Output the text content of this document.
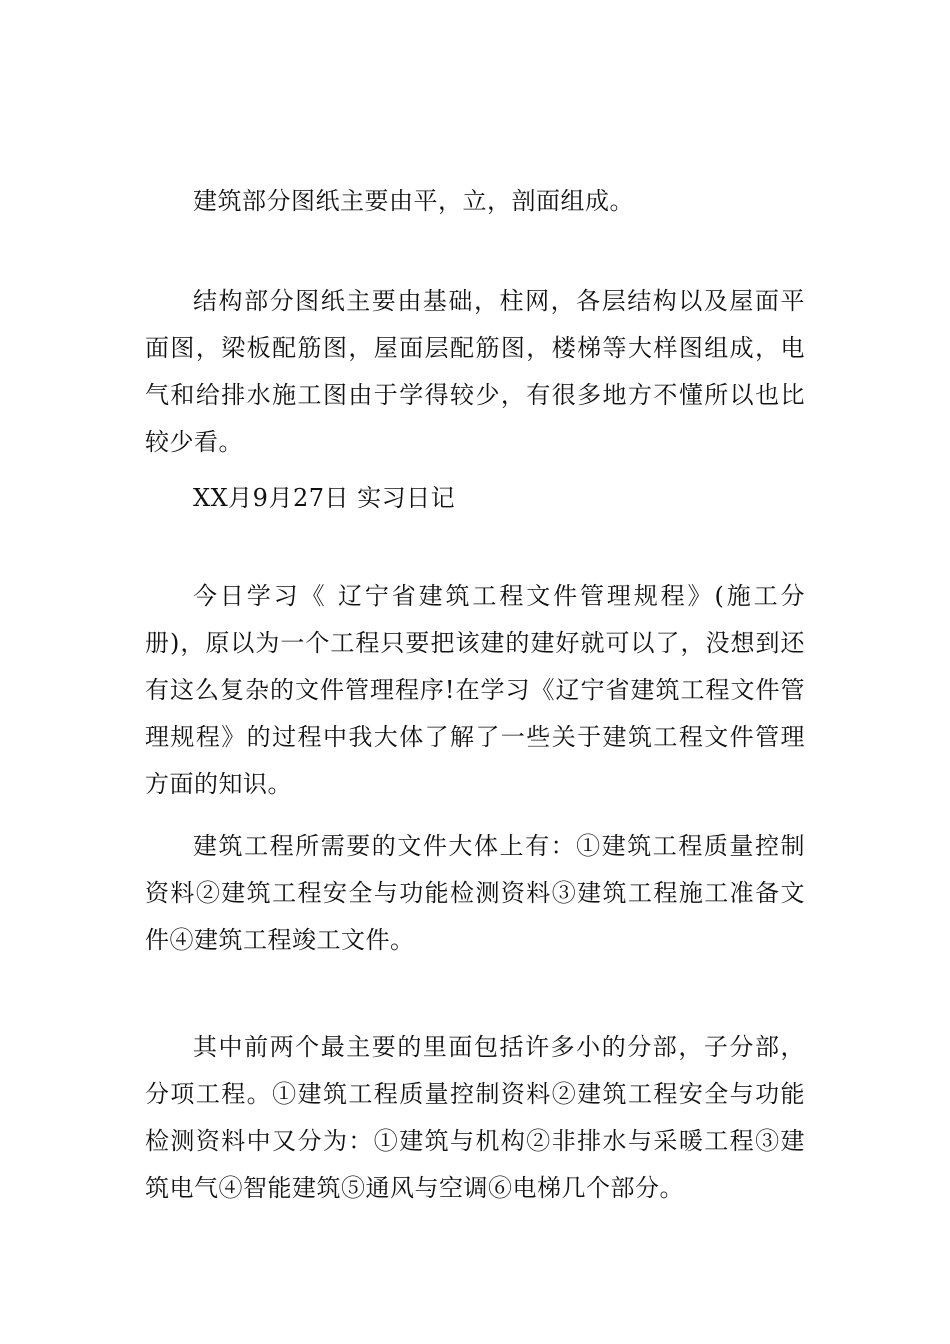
建筑部分图纸主要由平，立，剖面组成。

结构部分图纸主要由基础，柱网，各层结构以及屋面平面图，梁板配筋图，屋面层配筋图，楼梯等大样图组成，电气和给排水施工图由于学得较少，有很多地方不懂所以也比较少看。

XX月9月27日 实习日记

今日学习《 辽宁省建筑工程文件管理规程》(施工分册)，原以为一个工程只要把该建的建好就可以了，没想到还有这么复杂的文件管理程序!在学习《辽宁省建筑工程文件管理规程》的过程中我大体了解了一些关于建筑工程文件管理方面的知识。

建筑工程所需要的文件大体上有：①建筑工程质量控制资料②建筑工程安全与功能检测资料③建筑工程施工准备文件④建筑工程竣工文件。

其中前两个最主要的里面包括许多小的分部，子分部，分项工程。①建筑工程质量控制资料②建筑工程安全与功能检测资料中又分为：①建筑与机构②非排水与采暖工程③建筑电气④智能建筑⑤通风与空调⑥电梯几个部分。
